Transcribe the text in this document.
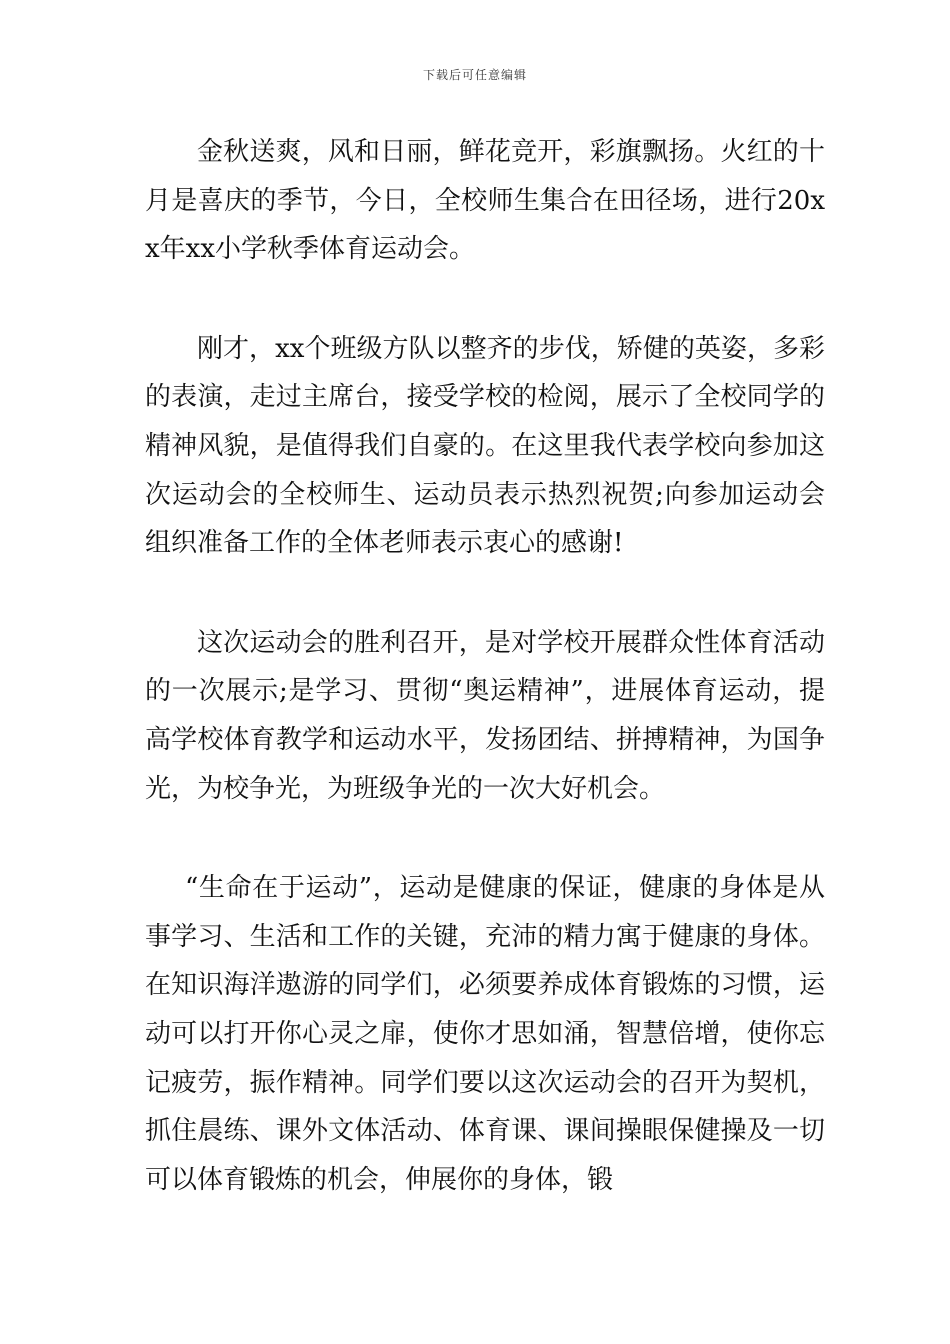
下载后可任意编辑

金秋送爽，风和日丽，鲜花竞开，彩旗飘扬。火红的十月是喜庆的季节，今日，全校师生集合在田径场，进行20xx年xx小学秋季体育运动会。

刚才，xx个班级方队以整齐的步伐，矫健的英姿，多彩的表演，走过主席台，接受学校的检阅，展示了全校同学的精神风貌，是值得我们自豪的。在这里我代表学校向参加这次运动会的全校师生、运动员表示热烈祝贺;向参加运动会组织准备工作的全体老师表示衷心的感谢!

这次运动会的胜利召开，是对学校开展群众性体育活动的一次展示;是学习、贯彻“奥运精神”，进展体育运动，提高学校体育教学和运动水平，发扬团结、拼搏精神，为国争光，为校争光，为班级争光的一次大好机会。

“生命在于运动”，运动是健康的保证，健康的身体是从事学习、生活和工作的关键，充沛的精力寓于健康的身体。在知识海洋遨游的同学们，必须要养成体育锻炼的习惯，运动可以打开你心灵之扉，使你才思如涌，智慧倍增，使你忘记疲劳，振作精神。同学们要以这次运动会的召开为契机，抓住晨练、课外文体活动、体育课、课间操眼保健操及一切可以体育锻炼的机会，伸展你的身体，锻
